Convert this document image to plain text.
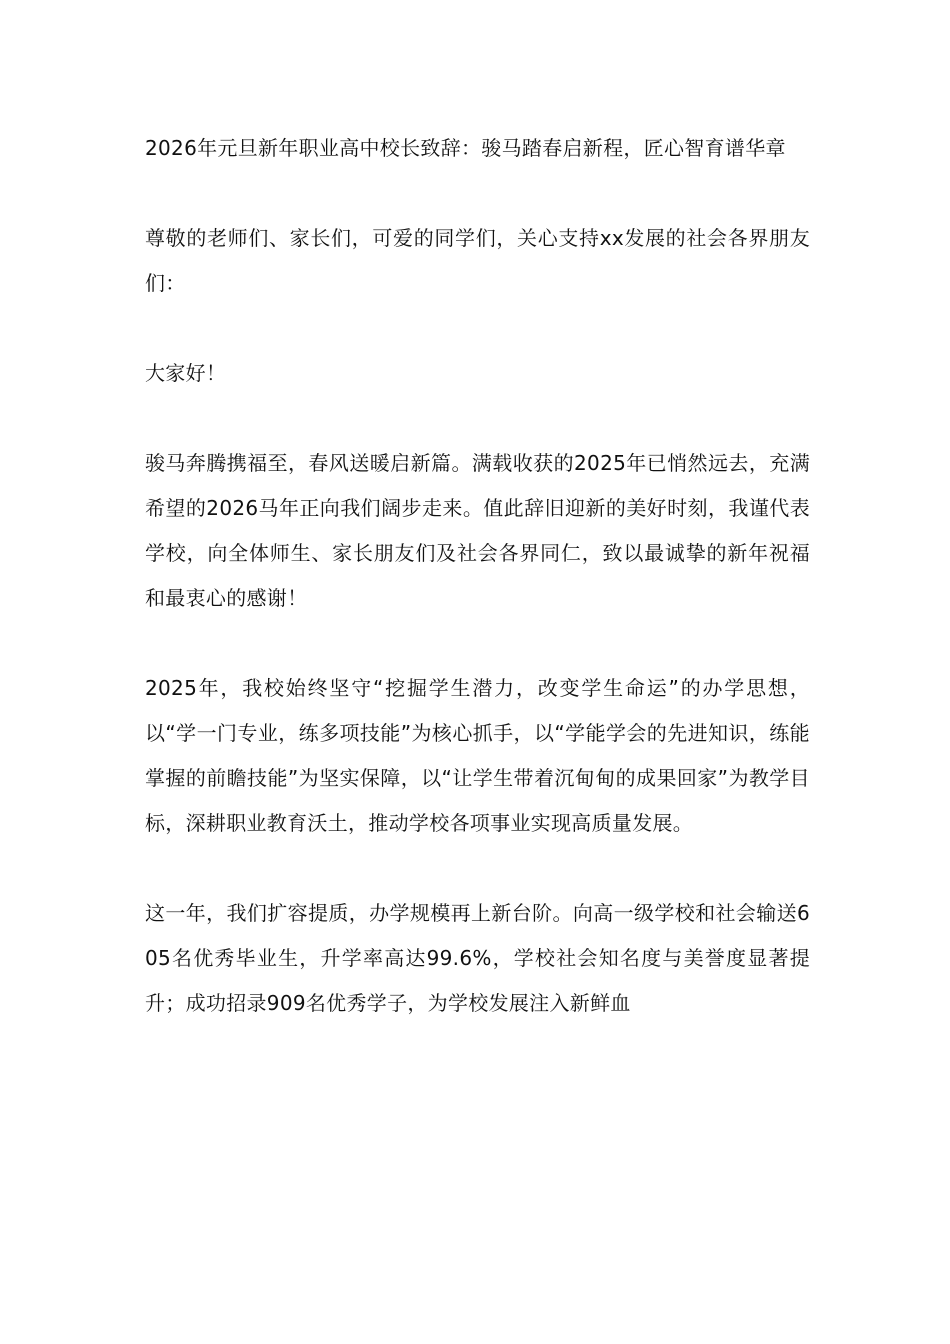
2026年元旦新年职业高中校长致辞：骏马踏春启新程，匠心智育谱华章

尊敬的老师们、家长们，可爱的同学们，关心支持xx发展的社会各界朋友们：

大家好！

骏马奔腾携福至，春风送暖启新篇。满载收获的2025年已悄然远去，充满希望的2026马年正向我们阔步走来。值此辞旧迎新的美好时刻，我谨代表学校，向全体师生、家长朋友们及社会各界同仁，致以最诚挚的新年祝福和最衷心的感谢！

2025年，我校始终坚守“挖掘学生潜力，改变学生命运”的办学思想，以“学一门专业，练多项技能”为核心抓手，以“学能学会的先进知识，练能掌握的前瞻技能”为坚实保障，以“让学生带着沉甸甸的成果回家”为教学目标，深耕职业教育沃土，推动学校各项事业实现高质量发展。

这一年，我们扩容提质，办学规模再上新台阶。向高一级学校和社会输送605名优秀毕业生，升学率高达99.6%，学校社会知名度与美誉度显著提升；成功招录909名优秀学子，为学校发展注入新鲜血
